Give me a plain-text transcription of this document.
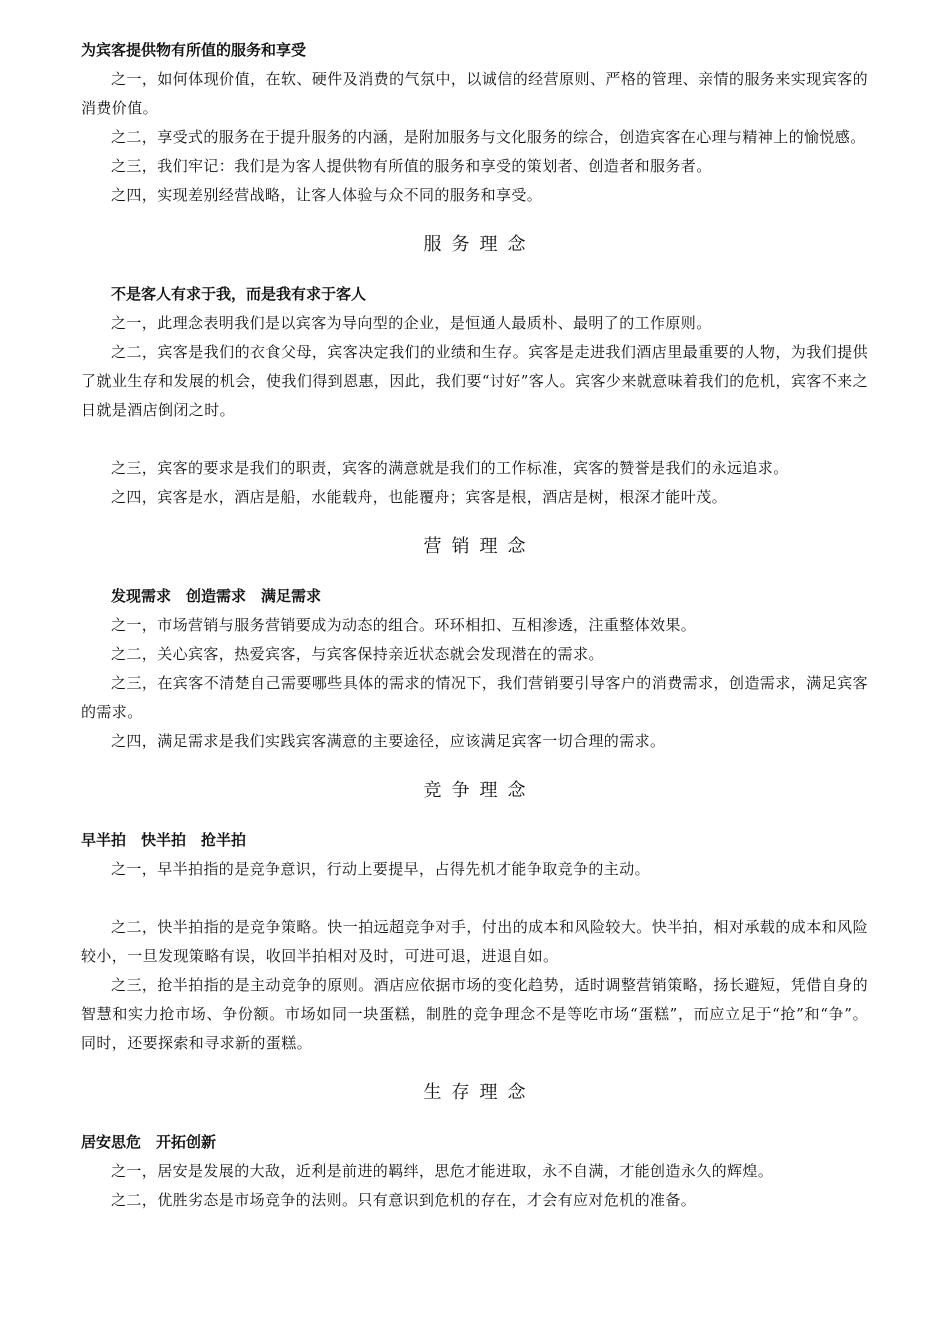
为宾客提供物有所值的服务和享受

之一，如何体现价值，在软、硬件及消费的气氛中，以诚信的经营原则、严格的管理、亲情的服务来实现宾客的消费价值。

之二，享受式的服务在于提升服务的内涵，是附加服务与文化服务的综合，创造宾客在心理与精神上的愉悦感。

之三，我们牢记：我们是为客人提供物有所值的服务和享受的策划者、创造者和服务者。

之四，实现差别经营战略，让客人体验与众不同的服务和享受。

服务理念

不是客人有求于我，而是我有求于客人

之一，此理念表明我们是以宾客为导向型的企业，是恒通人最质朴、最明了的工作原则。

之二，宾客是我们的衣食父母，宾客决定我们的业绩和生存。宾客是走进我们酒店里最重要的人物，为我们提供了就业生存和发展的机会，使我们得到恩惠，因此，我们要“讨好”客人。宾客少来就意味着我们的危机，宾客不来之日就是酒店倒闭之时。

之三，宾客的要求是我们的职责，宾客的满意就是我们的工作标准，宾客的赞誉是我们的永远追求。

之四，宾客是水，酒店是船，水能载舟，也能覆舟；宾客是根，酒店是树，根深才能叶茂。

营销理念

发现需求　创造需求　满足需求

之一，市场营销与服务营销要成为动态的组合。环环相扣、互相渗透，注重整体效果。

之二，关心宾客，热爱宾客，与宾客保持亲近状态就会发现潜在的需求。

之三，在宾客不清楚自己需要哪些具体的需求的情况下，我们营销要引导客户的消费需求，创造需求，满足宾客的需求。

之四，满足需求是我们实践宾客满意的主要途径，应该满足宾客一切合理的需求。

竞争理念

早半拍　快半拍　抢半拍

之一，早半拍指的是竞争意识，行动上要提早，占得先机才能争取竞争的主动。

之二，快半拍指的是竞争策略。快一拍远超竞争对手，付出的成本和风险较大。快半拍，相对承载的成本和风险较小，一旦发现策略有误，收回半拍相对及时，可进可退，进退自如。

之三，抢半拍指的是主动竞争的原则。酒店应依据市场的变化趋势，适时调整营销策略，扬长避短，凭借自身的智慧和实力抢市场、争份额。市场如同一块蛋糕，制胜的竞争理念不是等吃市场“蛋糕”，而应立足于“抢”和“争”。同时，还要探索和寻求新的蛋糕。

生存理念

居安思危　开拓创新

之一，居安是发展的大敌，近利是前进的羁绊，思危才能进取，永不自满，才能创造永久的辉煌。

之二，优胜劣态是市场竞争的法则。只有意识到危机的存在，才会有应对危机的准备。
